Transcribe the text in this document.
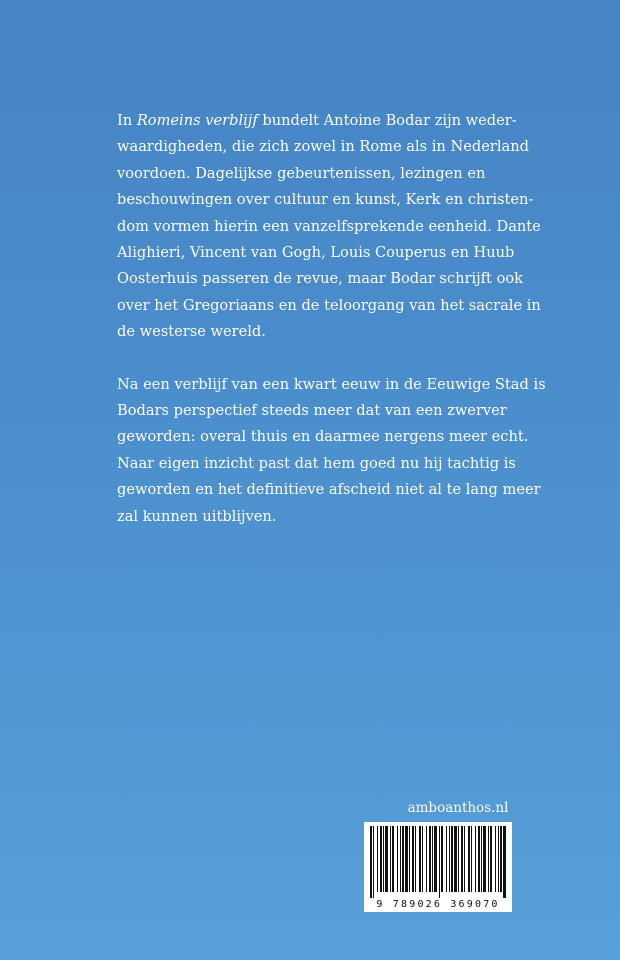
In Romeins verblijf bundelt Antoine Bodar zijn weder-

waardigheden, die zich zowel in Rome als in Nederland

voordoen. Dagelijkse gebeurtenissen, lezingen en

beschouwingen over cultuur en kunst, Kerk en christen-

dom vormen hierin een vanzelfsprekende eenheid. Dante

Alighieri, Vincent van Gogh, Louis Couperus en Huub

Oosterhuis passeren de revue, maar Bodar schrijft ook

over het Gregoriaans en de teloorgang van het sacrale in

de westerse wereld.

Na een verblijf van een kwart eeuw in de Eeuwige Stad is

Bodars perspectief steeds meer dat van een zwerver

geworden: overal thuis en daarmee nergens meer echt.

Naar eigen inzicht past dat hem goed nu hij tachtig is

geworden en het definitieve afscheid niet al te lang meer

zal kunnen uitblijven.

amboanthos.nl
9 789026 369070
